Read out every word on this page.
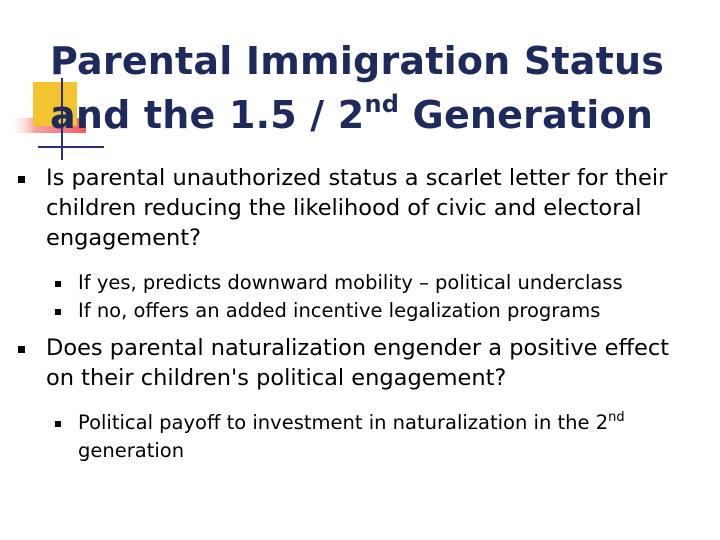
Parental Immigration Status
and the 1.5 / 2nd Generation
Is parental unauthorized status a scarlet letter for their children reducing the likelihood of civic and electoral engagement?
If yes, predicts downward mobility – political underclass
If no, offers an added incentive legalization programs
Does parental naturalization engender a positive effect on their children's political engagement?
Political payoff to investment in naturalization in the 2nd generation
